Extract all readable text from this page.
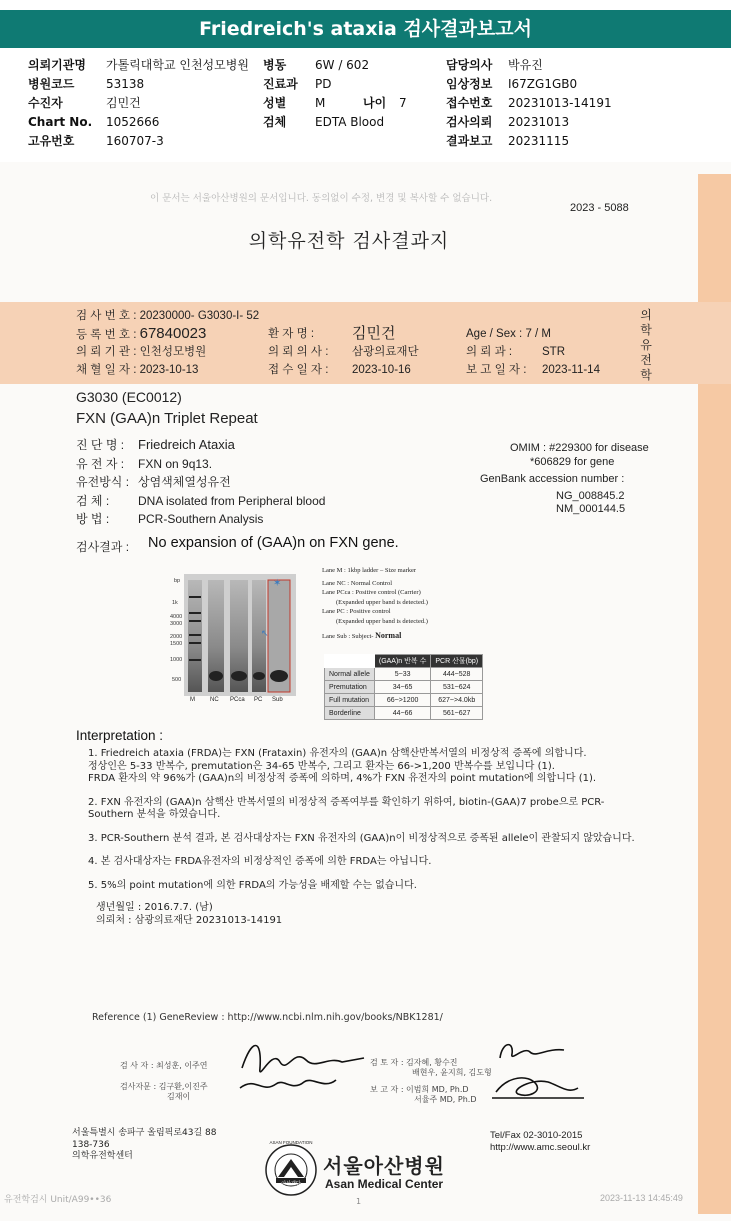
Friedreich's ataxia 검사결과보고서
의뢰기관명 가톨릭대학교 인천성모병원
병원코드	53138
수진자	김민건
Chart No. 1052666
고유번호	160707-3
병동 6W / 602
진료과 PD
성별 M	나이 7
검체 EDTA Blood
담당의사 박유진
임상정보 I67ZG1GB0
접수번호 20231013-14191
검사의뢰 20231013
결과보고 20231115
이 문서는 서울아산병원의 문서입니다. 동의없이 수정, 변경 및 복사할 수 없습니다.
2023 - 5088
의학유전학 검사결과지
의학유전학
검 사 번 호 : 20230000- G3030-I- 52
등 록 번 호 : 67840023	환 자 명 :	김민건	Age / Sex : 7 / M
의 뢰 기 관 : 인천성모병원	의 뢰 의 사 : 삼광의료재단	의 뢰 과 :	STR
채 혈 일 자 : 2023-10-13	접 수 일 자 : 2023-10-16	보 고 일 자 : 2023-11-14
G3030 (EC0012)
FXN (GAA)n Triplet Repeat
진 단 명 : Friedreich Ataxia
유 전 자 : FXN on 9q13.
유전방식 : 상염색체열성유전
검 체 : DNA isolated from Peripheral blood
방 법 : PCR-Southern Analysis
OMIM : #229300 for disease
*606829 for gene
GenBank accession number :
NG_008845.2
NM_000144.5
검사결과 : No expansion of (GAA)n on FXN gene.
bp
1k
4000
3000
2000
1500
1000
500
↖
✶
M	NC PCca PC Sub
Lane M : 1kbp ladder – Size marker
Lane NC : Normal Control
Lane PCca : Positive control (Carrier)
(Expanded upper band is detected.)
Lane PC : Positive control
(Expanded upper band is detected.)
Lane Sub : Subject- Normal
	(GAA)n 반복 수	PCR 산물(bp)
Normal allele	5~33	444~528
Premutation	34~65	531~624
Full mutation	66~>1200	627~>4.0kb
Borderline	44~66	561~627
Interpretation :
1. Friedreich ataxia (FRDA)는 FXN (Frataxin) 유전자의 (GAA)n 삼핵산반복서열의 비정상적 증폭에 의합니다.
정상인은 5-33 반복수, premutation은 34-65 반복수, 그리고 환자는 66->1,200 반복수를 보입니다 (1).
FRDA 환자의 약 96%가 (GAA)n의 비정상적 증폭에 의하며, 4%가 FXN 유전자의 point mutation에 의합니다 (1).
2. FXN 유전자의 (GAA)n 삼핵산 반복서열의 비정상적 증폭여부를 확인하기 위하여, biotin-(GAA)7 probe으로 PCR-Southern 분석을 하였습니다.
3. PCR-Southern 분석 결과, 본 검사대상자는 FXN 유전자의 (GAA)n이 비정상적으로 증폭된 allele이 관찰되지 않았습니다.
4. 본 검사대상자는 FRDA유전자의 비정상적인 증폭에 의한 FRDA는 아닙니다.
5. 5%의 point mutation에 의한 FRDA의 가능성을 배제할 수는 없습니다.
생년월일 : 2016.7.7. (남)
의뢰처 : 삼광의료재단 20231013-14191
Reference (1) GeneReview : http://www.ncbi.nlm.nih.gov/books/NBK1281/
검 사 자 : 최성훈, 이주연
검사자문 : 김구환,이진주
김재이
검 토 자 : 김자혜, 황수진
배현우, 윤지희, 김도형
보 고 자 : 이범희 MD, Ph.D
서율주 MD, Ph.D
서울특별시 송파구 올림픽로43길 88
138-736
의학유전학센터
Tel/Fax 02-3010-2015
http://www.amc.seoul.kr
ASAN FOUNDATION
아산재단
서울아산병원
Asan Medical Center
유전학검시 Unit/A99••36	1	2023-11-13 14:45:49
